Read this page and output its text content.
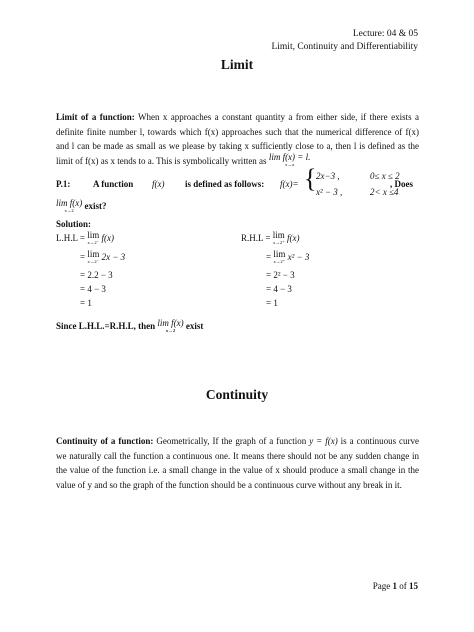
Lecture: 04 & 05
Limit, Continuity and Differentiability
Limit
Limit of a function: When x approaches a constant quantity a from either side, if there exists a definite finite number l, towards which f(x) approaches such that the numerical difference of f(x) and l can be made as small as we please by taking x sufficiently close to a, then l is defined as the limit of f(x) as x tends to a. This is symbolically written as lim f(x) = l.
x→a
P.1:	A function f(x) is defined as follows: f(x)= { 2x−3 ,	0≤ x ≤ 2
x² − 3 ,	2< x ≤4
, Does
lim f(x)
x→2	exist?
Solution:
L.H.L = lim
x→2⁻ f(x)
= lim
x→2⁻ 2x − 3
= 2.2 − 3
= 4 − 3
= 1
R.H.L = lim
x→2⁺ f(x)
= lim
x→2⁺ x² − 3
= 2² − 3
= 4 − 3
= 1
Since L.H.L.=R.H.L, then lim f(x)
x→2	exist
Continuity
Continuity of a function: Geometrically, If the graph of a function y = f(x) is a continuous curve we naturally call the function a continuous one. It means there should not be any sudden change in the value of the function i.e. a small change in the value of x should produce a small change in the value of y and so the graph of the function should be a continuous curve without any break in it.
Page 1 of 15
